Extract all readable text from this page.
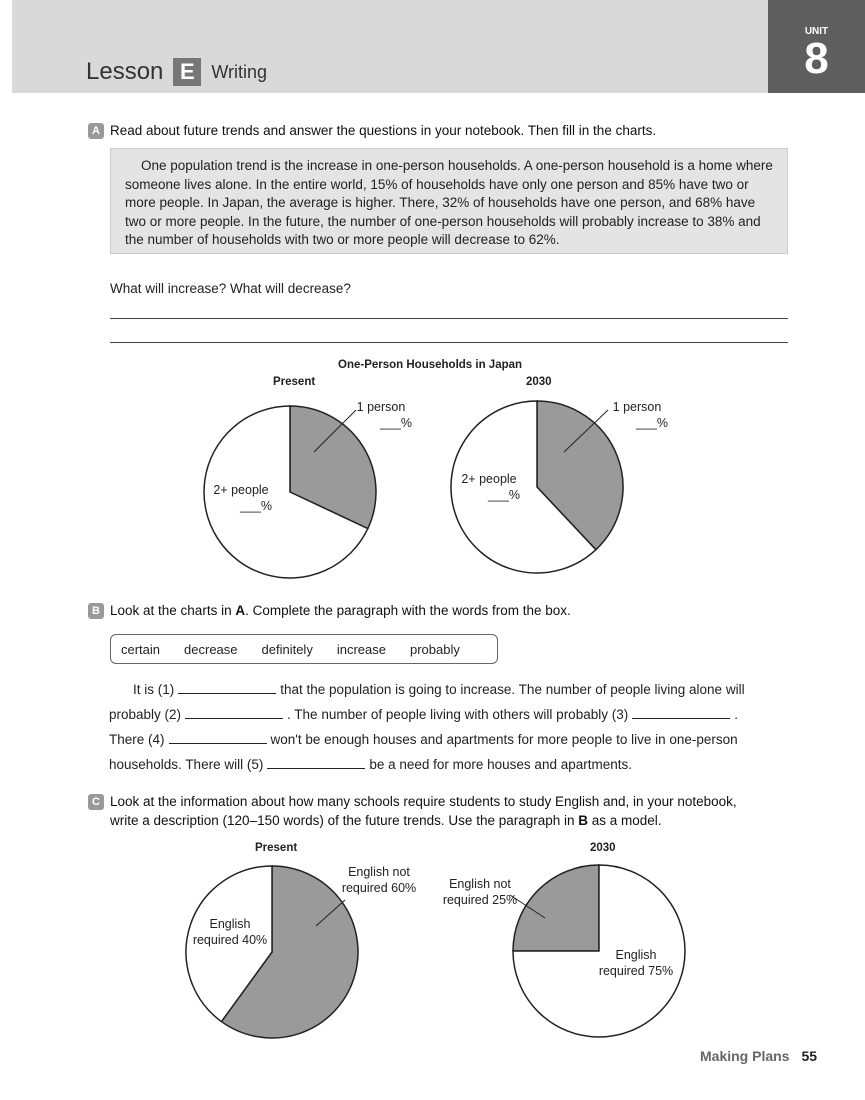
Lesson E Writing
UNIT
8
A Read about future trends and answer the questions in your notebook. Then fill in the charts.
One population trend is the increase in one-person households. A one-person household is a home where someone lives alone. In the entire world, 15% of households have only one person and 85% have two or more people. In Japan, the average is higher. There, 32% of households have one person, and 68% have two or more people. In the future, the number of one-person households will probably increase to 38% and the number of households with two or more people will decrease to 62%.
What will increase? What will decrease?
One-Person Households in Japan
Present	2030
1 person
___%
2+ people
___%
1 person
___%
2+ people
___%
B Look at the charts in A. Complete the paragraph with the words from the box.
certain decrease definitely increase probably
It is (1)	that the population is going to increase. The number of people living alone will
probably (2)	. The number of people living with others will probably (3)	.
There (4)	won't be enough houses and apartments for more people to live in one-person
households. There will (5)	be a need for more houses and apartments.
C Look at the information about how many schools require students to study English and, in your notebook,
write a description (120–150 words) of the future trends. Use the paragraph in B as a model.
Present	2030
English not required 60%
English required 40%
English not required 25%
English required 75%
Making Plans 55
